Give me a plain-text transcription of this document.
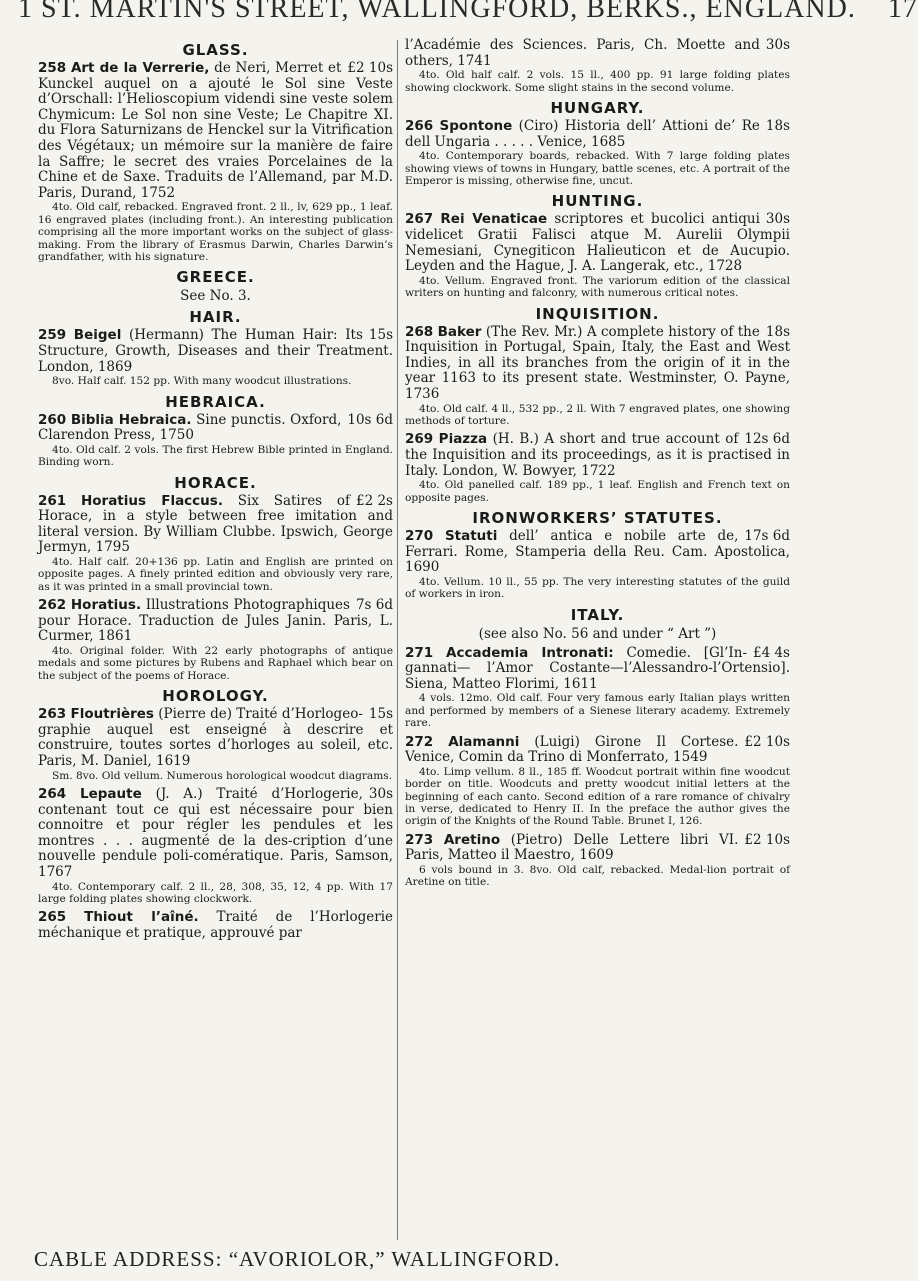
1 ST. MARTIN'S STREET, WALLINGFORD, BERKS., ENGLAND. 17
GLASS.
£2 10s
258 Art de la Verrerie, de Neri, Merret et Kunckel auquel on a ajouté le Sol sine Veste d’Orschall: l’Helioscopium videndi sine veste solem Chymicum: Le Sol non sine Veste; Le Chapitre XI. du Flora Saturnizans de Henckel sur la Vitrification des Végétaux; un mémoire sur la manière de faire la Saffre; le secret des vraies Porcelaines de la Chine et de Saxe. Traduits de l’Allemand, par M.D. Paris, Durand, 1752
4to. Old calf, rebacked. Engraved front. 2 ll., lv, 629 pp., 1 leaf. 16 engraved plates (including front.). An interesting publication comprising all the more important works on the subject of glass-making. From the library of Erasmus Darwin, Charles Darwin’s grandfather, with his signature.
GREECE.
See No. 3.
HAIR.
15s
259 Beigel (Hermann) The Human Hair: Its Structure, Growth, Diseases and their Treatment. London, 1869
8vo. Half calf. 152 pp. With many woodcut illustrations.
HEBRAICA.
10s 6d
260 Biblia Hebraica. Sine punctis. Oxford, Clarendon Press, 1750
4to. Old calf. 2 vols. The first Hebrew Bible printed in England. Binding worn.
HORACE.
£2 2s
261 Horatius Flaccus. Six Satires of Horace, in a style between free imitation and literal version. By William Clubbe. Ipswich, George Jermyn, 1795
4to. Half calf. 20+136 pp. Latin and English are printed on opposite pages. A finely printed edition and obviously very rare, as it was printed in a small provincial town.
7s 6d
262 Horatius. Illustrations Photographiques pour Horace. Traduction de Jules Janin. Paris, L. Curmer, 1861
4to. Original folder. With 22 early photographs of antique medals and some pictures by Rubens and Raphael which bear on the subject of the poems of Horace.
HOROLOGY.
15s
263 Floutrières (Pierre de) Traité d’Horlogeo-graphie auquel est enseigné à descrire et construire, toutes sortes d’horloges au soleil, etc. Paris, M. Daniel, 1619
Sm. 8vo. Old vellum. Numerous horological woodcut diagrams.
30s
264 Lepaute (J. A.) Traité d’Horlogerie, contenant tout ce qui est nécessaire pour bien connoitre et pour régler les pendules et les montres . . . augmenté de la des-cription d’une nouvelle pendule poli-comératique. Paris, Samson, 1767
4to. Contemporary calf. 2 ll., 28, 308, 35, 12, 4 pp. With 17 large folding plates showing clockwork.
265 Thiout l’aîné. Traité de l’Horlogerie méchanique et pratique, approuvé par
30s
l’Académie des Sciences. Paris, Ch. Moette and others, 1741
4to. Old half calf. 2 vols. 15 ll., 400 pp. 91 large folding plates showing clockwork. Some slight stains in the second volume.
HUNGARY.
18s
266 Spontone (Ciro) Historia dell’ Attioni de’ Re dell Ungaria . . . . . Venice, 1685
4to. Contemporary boards, rebacked. With 7 large folding plates showing views of towns in Hungary, battle scenes, etc. A portrait of the Emperor is missing, otherwise fine, uncut.
HUNTING.
30s
267 Rei Venaticae scriptores et bucolici antiqui videlicet Gratii Falisci atque M. Aurelii Olympii Nemesiani, Cynegiticon Halieuticon et de Aucupio. Leyden and the Hague, J. A. Langerak, etc., 1728
4to. Vellum. Engraved front. The variorum edition of the classical writers on hunting and falconry, with numerous critical notes.
INQUISITION.
18s
268 Baker (The Rev. Mr.) A complete history of the Inquisition in Portugal, Spain, Italy, the East and West Indies, in all its branches from the origin of it in the year 1163 to its present state. Westminster, O. Payne, 1736
4to. Old calf. 4 ll., 532 pp., 2 ll. With 7 engraved plates, one showing methods of torture.
12s 6d
269 Piazza (H. B.) A short and true account of the Inquisition and its proceedings, as it is practised in Italy. London, W. Bowyer, 1722
4to. Old panelled calf. 189 pp., 1 leaf. English and French text on opposite pages.
IRONWORKERS’ STATUTES.
17s 6d
270 Statuti dell’ antica e nobile arte de, Ferrari. Rome, Stamperia della Reu. Cam. Apostolica, 1690
4to. Vellum. 10 ll., 55 pp. The very interesting statutes of the guild of workers in iron.
ITALY.
(see also No. 56 and under “ Art ”)
£4 4s
271 Accademia Intronati: Comedie. [Gl’In-gannati— l’Amor Costante—l’Alessandro-l’Ortensio]. Siena, Matteo Florimi, 1611
4 vols. 12mo. Old calf. Four very famous early Italian plays written and performed by members of a Sienese literary academy. Extremely rare.
£2 10s
272 Alamanni (Luigi) Girone Il Cortese. Venice, Comin da Trino di Monferrato, 1549
4to. Limp vellum. 8 ll., 185 ff. Woodcut portrait within fine woodcut border on title. Woodcuts and pretty woodcut initial letters at the beginning of each canto. Second edition of a rare romance of chivalry in verse, dedicated to Henry II. In the preface the author gives the origin of the Knights of the Round Table. Brunet I, 126.
£2 10s
273 Aretino (Pietro) Delle Lettere libri VI. Paris, Matteo il Maestro, 1609
6 vols bound in 3. 8vo. Old calf, rebacked. Medal-lion portrait of Aretine on title.
CABLE ADDRESS: “AVORIOLOR,” WALLINGFORD.
